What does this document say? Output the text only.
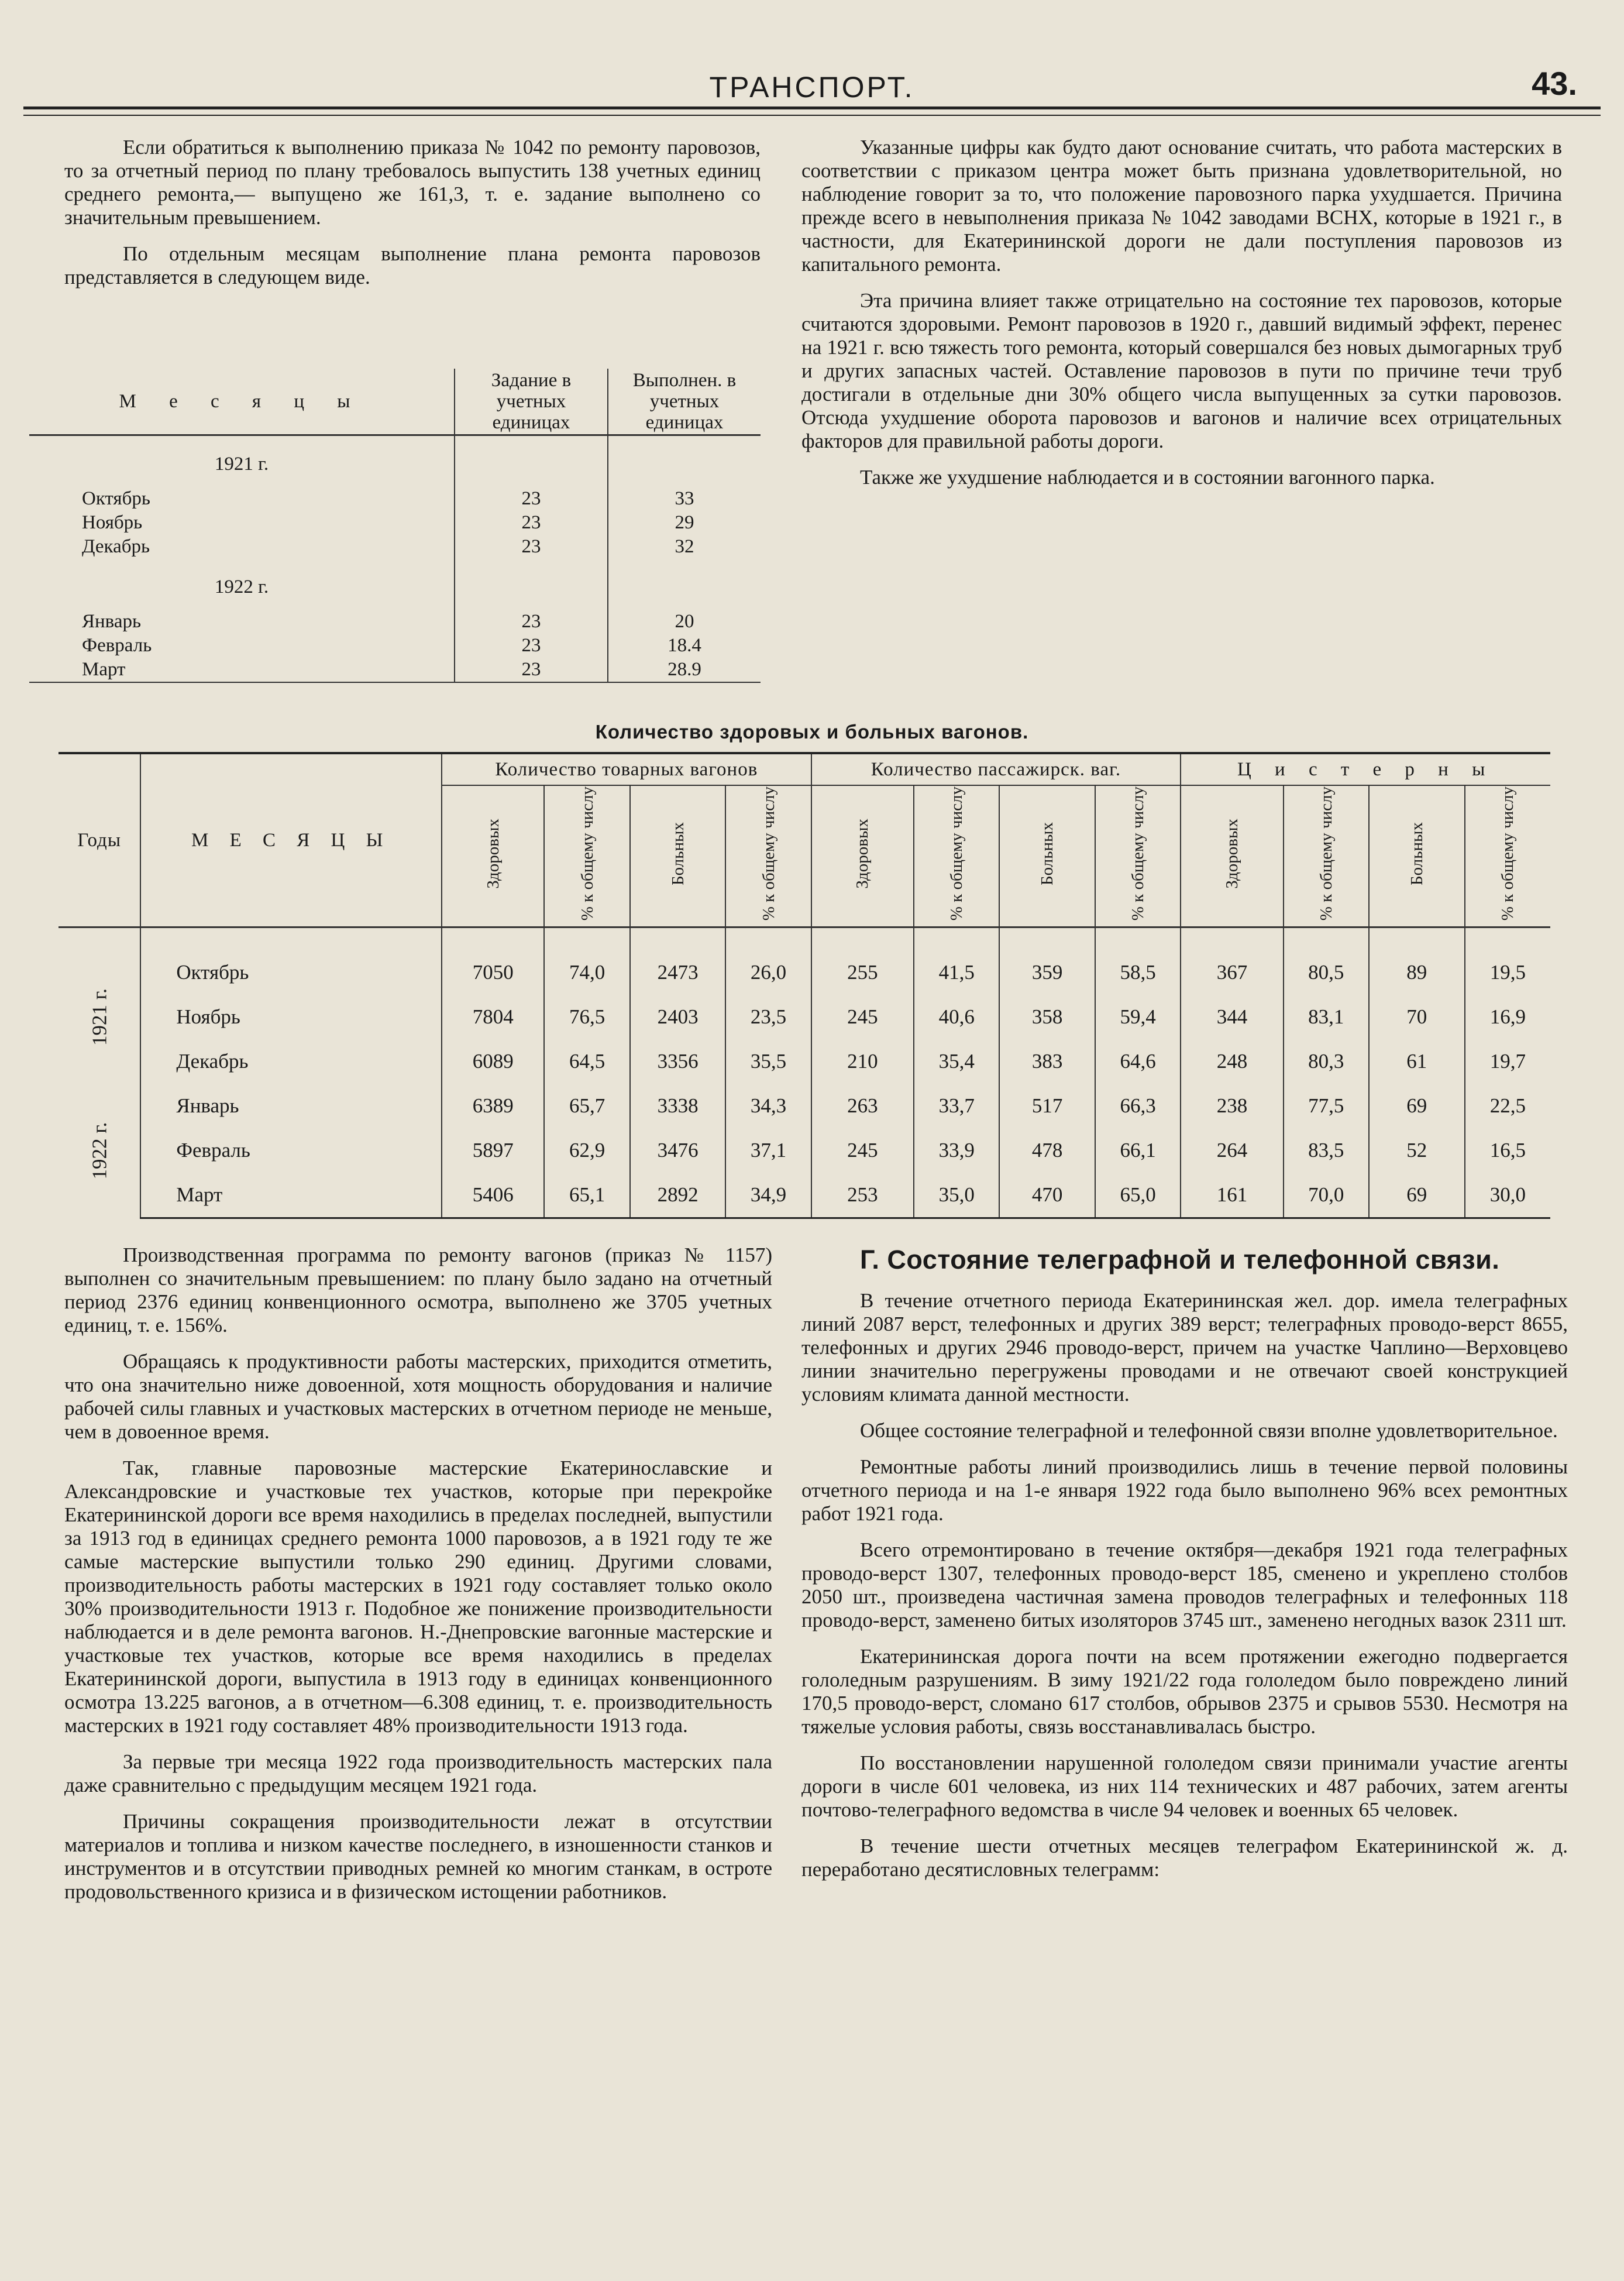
ТРАНСПОРТ.	43.

Если обратиться к выполнению приказа № 1042 по ремонту паровозов, то за отчетный период по плану требовалось выпустить 138 учетных единиц среднего ремонта,— выпущено же 161,3, т. е. задание выполнено со значительным превышением.

По отдельным месяцам выполнение плана ремонта паровозов представляется в следующем виде.

М е с я ц ы	Задание в учетных единицах	Выполнен. в учетных единицах
1921 г.		
Октябрь	23	33
Ноябрь	23	29
Декабрь	23	32
1922 г.		
Январь	23	20
Февраль	23	18.4
Март	23	28.9

Указанные цифры как будто дают основание считать, что работа мастерских в соответствии с приказом центра может быть признана удовлетворительной, но наблюдение говорит за то, что положение паровозного парка ухудшается. Причина прежде всего в невыполнения приказа № 1042 заводами ВСНХ, которые в 1921 г., в частности, для Екатерининской дороги не дали поступления паровозов из капитального ремонта.

Эта причина влияет также отрицательно на состояние тех паровозов, которые считаются здоровыми. Ремонт паровозов в 1920 г., давший видимый эффект, перенес на 1921 г. всю тяжесть того ремонта, который совершался без новых дымогарных труб и других запасных частей. Оставление паровозов в пути по причине течи труб достигали в отдельные дни 30% общего числа выпущенных за сутки паровозов. Отсюда ухудшение оборота паровозов и вагонов и наличие всех отрицательных факторов для правильной работы дороги.

Также же ухудшение наблюдается и в состоянии вагонного парка.

Количество здоровых и больных вагонов.
Годы	М Е С Я Ц Ы	Количество товарных вагонов				Количество пассажирск. ваг.				Ц и с т е р н ы			
		Здоровых	% к общему числу	Больных	% к общему числу	Здоровых	% к общему числу	Больных	% к общему числу	Здоровых	% к общему числу	Больных	% к общему числу

1921 г.	Октябрь	7050	74,0	2473	26,0	255	41,5	359	58,5	367	80,5	89	19,5
	Ноябрь	7804	76,5	2403	23,5	245	40,6	358	59,4	344	83,1	70	16,9
	Декабрь	6089	64,5	3356	35,5	210	35,4	383	64,6	248	80,3	61	19,7
1922 г.	Январь	6389	65,7	3338	34,3	263	33,7	517	66,3	238	77,5	69	22,5
	Февраль	5897	62,9	3476	37,1	245	33,9	478	66,1	264	83,5	52	16,5
	Март	5406	65,1	2892	34,9	253	35,0	470	65,0	161	70,0	69	30,0

Производственная программа по ремонту вагонов (приказ № 1157) выполнен со значительным превышением: по плану было задано на отчетный период 2376 единиц конвенционного осмотра, выполнено же 3705 учетных единиц, т. е. 156%.

Обращаясь к продуктивности работы мастерских, приходится отметить, что она значительно ниже довоенной, хотя мощность оборудования и наличие рабочей силы главных и участковых мастерских в отчетном периоде не меньше, чем в довоенное время.

Так, главные паровозные мастерские Екатеринославские и Александровские и участковые тех участков, которые при перекройке Екатерининской дороги все время находились в пределах последней, выпустили за 1913 год в единицах среднего ремонта 1000 паровозов, а в 1921 году те же самые мастерские выпустили только 290 единиц. Другими словами, производительность работы мастерских в 1921 году составляет только около 30% производительности 1913 г. Подобное же понижение производительности наблюдается и в деле ремонта вагонов. Н.-Днепровские вагонные мастерские и участковые тех участков, которые все время находились в пределах Екатерининской дороги, выпустила в 1913 году в единицах конвенционного осмотра 13.225 вагонов, а в отчетном—6.308 единиц, т. е. производительность мастерских в 1921 году составляет 48% производительности 1913 года.

За первые три месяца 1922 года производительность мастерских пала даже сравнительно с предыдущим месяцем 1921 года.

Причины сокращения производительности лежат в отсутствии материалов и топлива и низком качестве последнего, в изношенности станков и инструментов и в отсутствии приводных ремней ко многим станкам, в остроте продовольственного кризиса и в физическом истощении работников.

Г. Состояние телеграфной и телефонной связи.

В течение отчетного периода Екатерининская жел. дор. имела телеграфных линий 2087 верст, телефонных и других 389 верст; телеграфных проводо-верст 8655, телефонных и других 2946 проводо-верст, причем на участке Чаплино—Верховцево линии значительно перегружены проводами и не отвечают своей конструкцией условиям климата данной местности.

Общее состояние телеграфной и телефонной связи вполне удовлетворительное.

Ремонтные работы линий производились лишь в течение первой половины отчетного периода и на 1-е января 1922 года было выполнено 96% всех ремонтных работ 1921 года.

Всего отремонтировано в течение октября—декабря 1921 года телеграфных проводо-верст 1307, телефонных проводо-верст 185, сменено и укреплено столбов 2050 шт., произведена частичная замена проводов телеграфных и телефонных 118 проводо-верст, заменено битых изоляторов 3745 шт., заменено негодных вазок 2311 шт.

Екатерининская дорога почти на всем протяжении ежегодно подвергается гололедным разрушениям. В зиму 1921/22 года гололедом было повреждено линий 170,5 проводо-верст, сломано 617 столбов, обрывов 2375 и срывов 5530. Несмотря на тяжелые условия работы, связь восстанавливалась быстро.

По восстановлении нарушенной гололедом связи принимали участие агенты дороги в числе 601 человека, из них 114 технических и 487 рабочих, затем агенты почтово-телеграфного ведомства в числе 94 человек и военных 65 человек.

В течение шести отчетных месяцев телеграфом Екатерининской ж. д. переработано десятисловных телеграмм:
